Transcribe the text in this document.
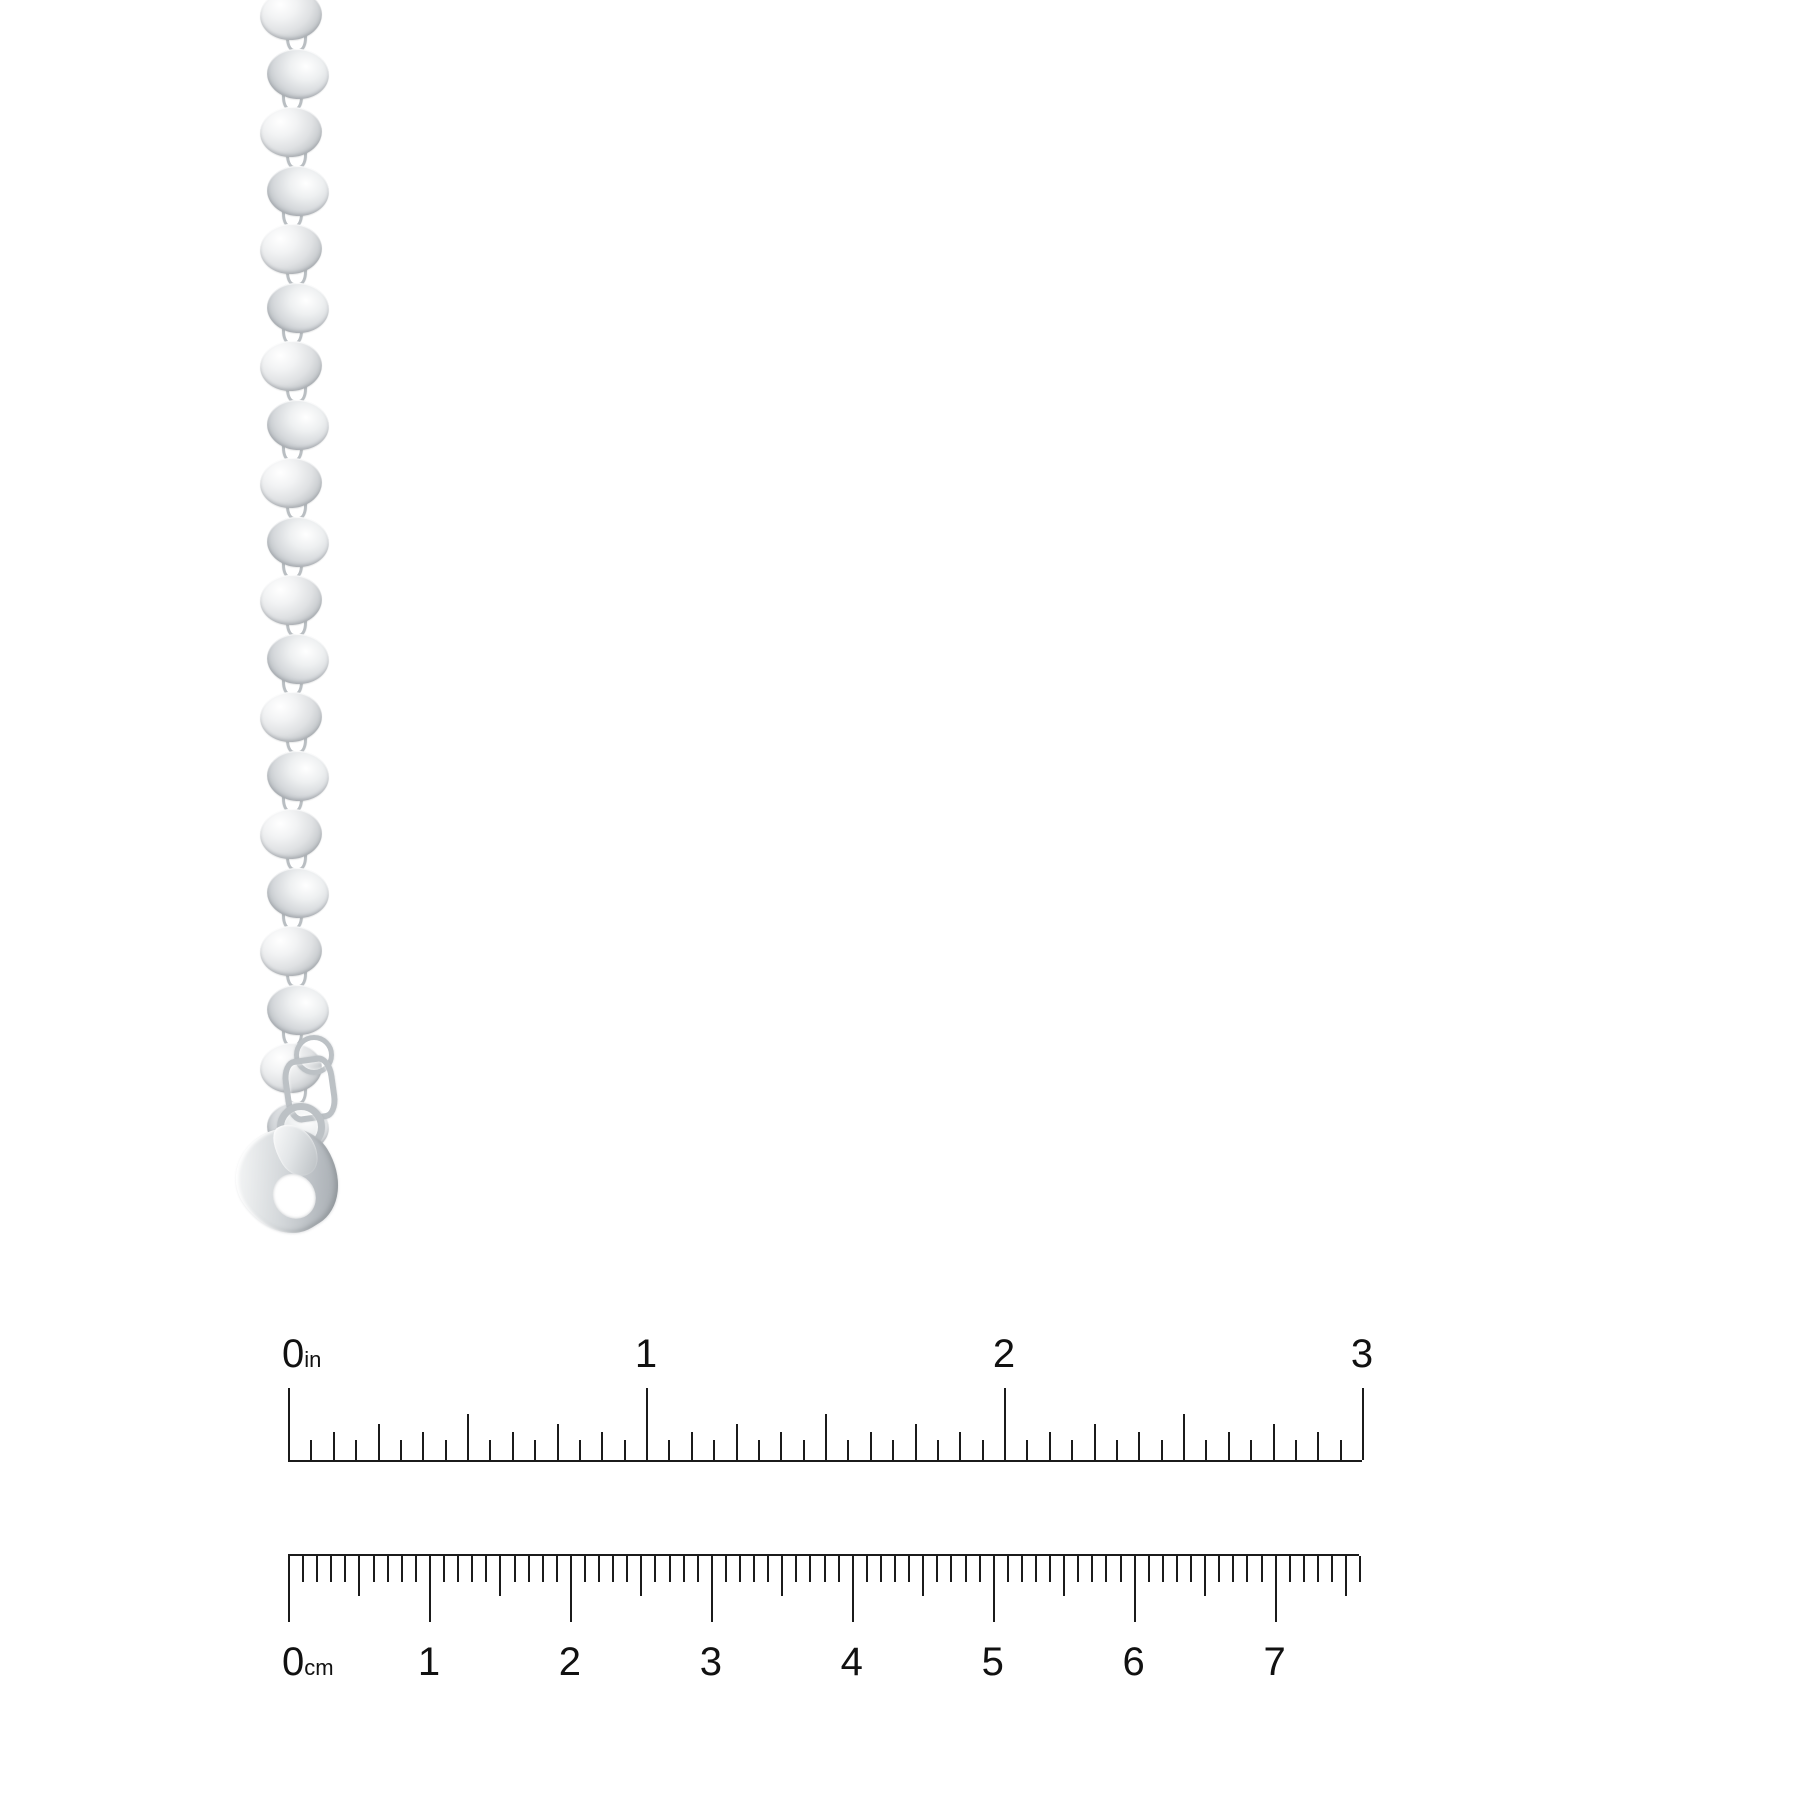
0in	1	2	3
0cm 1	2	3	4	5	6	7
